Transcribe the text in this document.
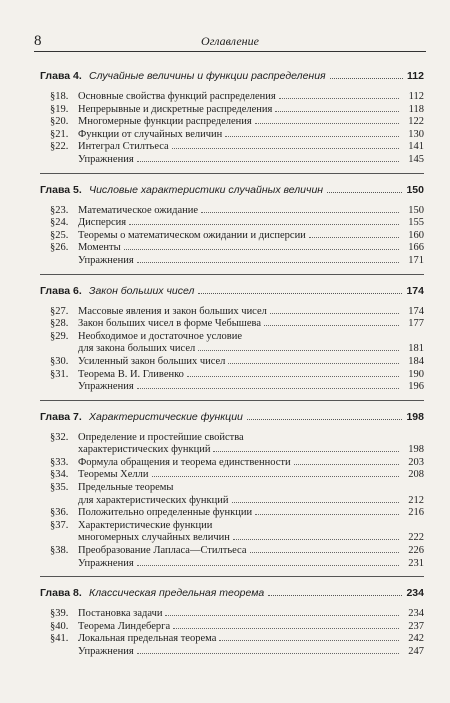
8	Оглавление
Глава 4. Случайные величины и функции распределения	112
§18. Основные свойства функций распределения	112
§19. Непрерывные и дискретные распределения	118
§20. Многомерные функции распределения	122
§21. Функции от случайных величин	130
§22. Интеграл Стилтьеса	141
Упражнения	145
Глава 5. Числовые характеристики случайных величин	150
§23. Математическое ожидание	150
§24. Дисперсия	155
§25. Теоремы о математическом ожидании и дисперсии	160
§26. Моменты	166
Упражнения	171
Глава 6. Закон больших чисел	174
§27. Массовые явления и закон больших чисел	174
§28. Закон больших чисел в форме Чебышева	177
§29. Необходимое и достаточное условие
для закона больших чисел	181
§30. Усиленный закон больших чисел	184
§31. Теорема В. И. Гливенко	190
Упражнения	196
Глава 7. Характеристические функции	198
§32. Определение и простейшие свойства
характеристических функций	198
§33. Формула обращения и теорема единственности	203
§34. Теоремы Хелли	208
§35. Предельные теоремы
для характеристических функций	212
§36. Положительно определенные функции	216
§37. Характеристические функции
многомерных случайных величин	222
§38. Преобразование Лапласа—Стилтьеса	226
Упражнения	231
Глава 8. Классическая предельная теорема	234
§39. Постановка задачи	234
§40. Теорема Линдеберга	237
§41. Локальная предельная теорема	242
Упражнения	247
